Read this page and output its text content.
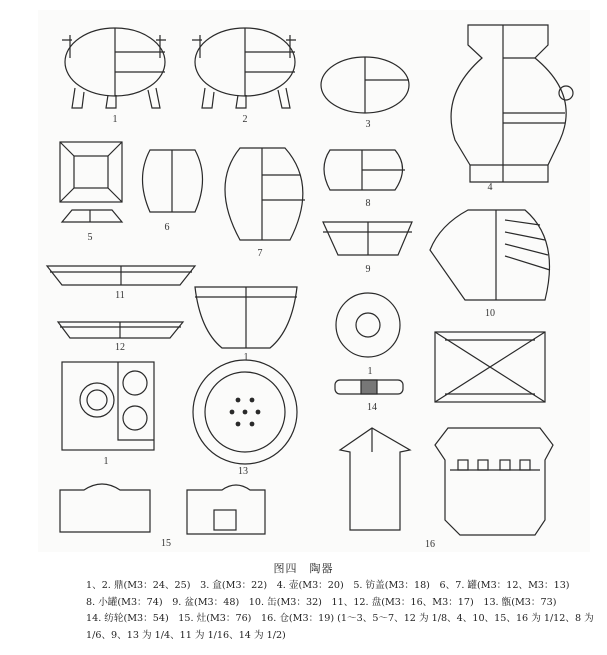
1	2	3
4
5
6
7
8
9
10
11
12
1
13
1
14
1
15	16
图四　陶器
1、2. 鼎(M3：24、25)　3. 盒(M3：22)　4. 壶(M3：20)　5. 钫盖(M3：18)　6、7. 罐(M3：12、M3：13)
8. 小罐(M3：74)　9. 盆(M3：48)　10. 缶(M3：32)　11、12. 盘(M3：16、M3：17)　13. 甑(M3：73)
14. 纺轮(M3：54)　15. 灶(M3：76)　16. 仓(M3：19) (1～3、5～7、12 为 1/8、4、10、15、16 为 1/12、8 为
1/6、9、13 为 1/4、11 为 1/16、14 为 1/2)
